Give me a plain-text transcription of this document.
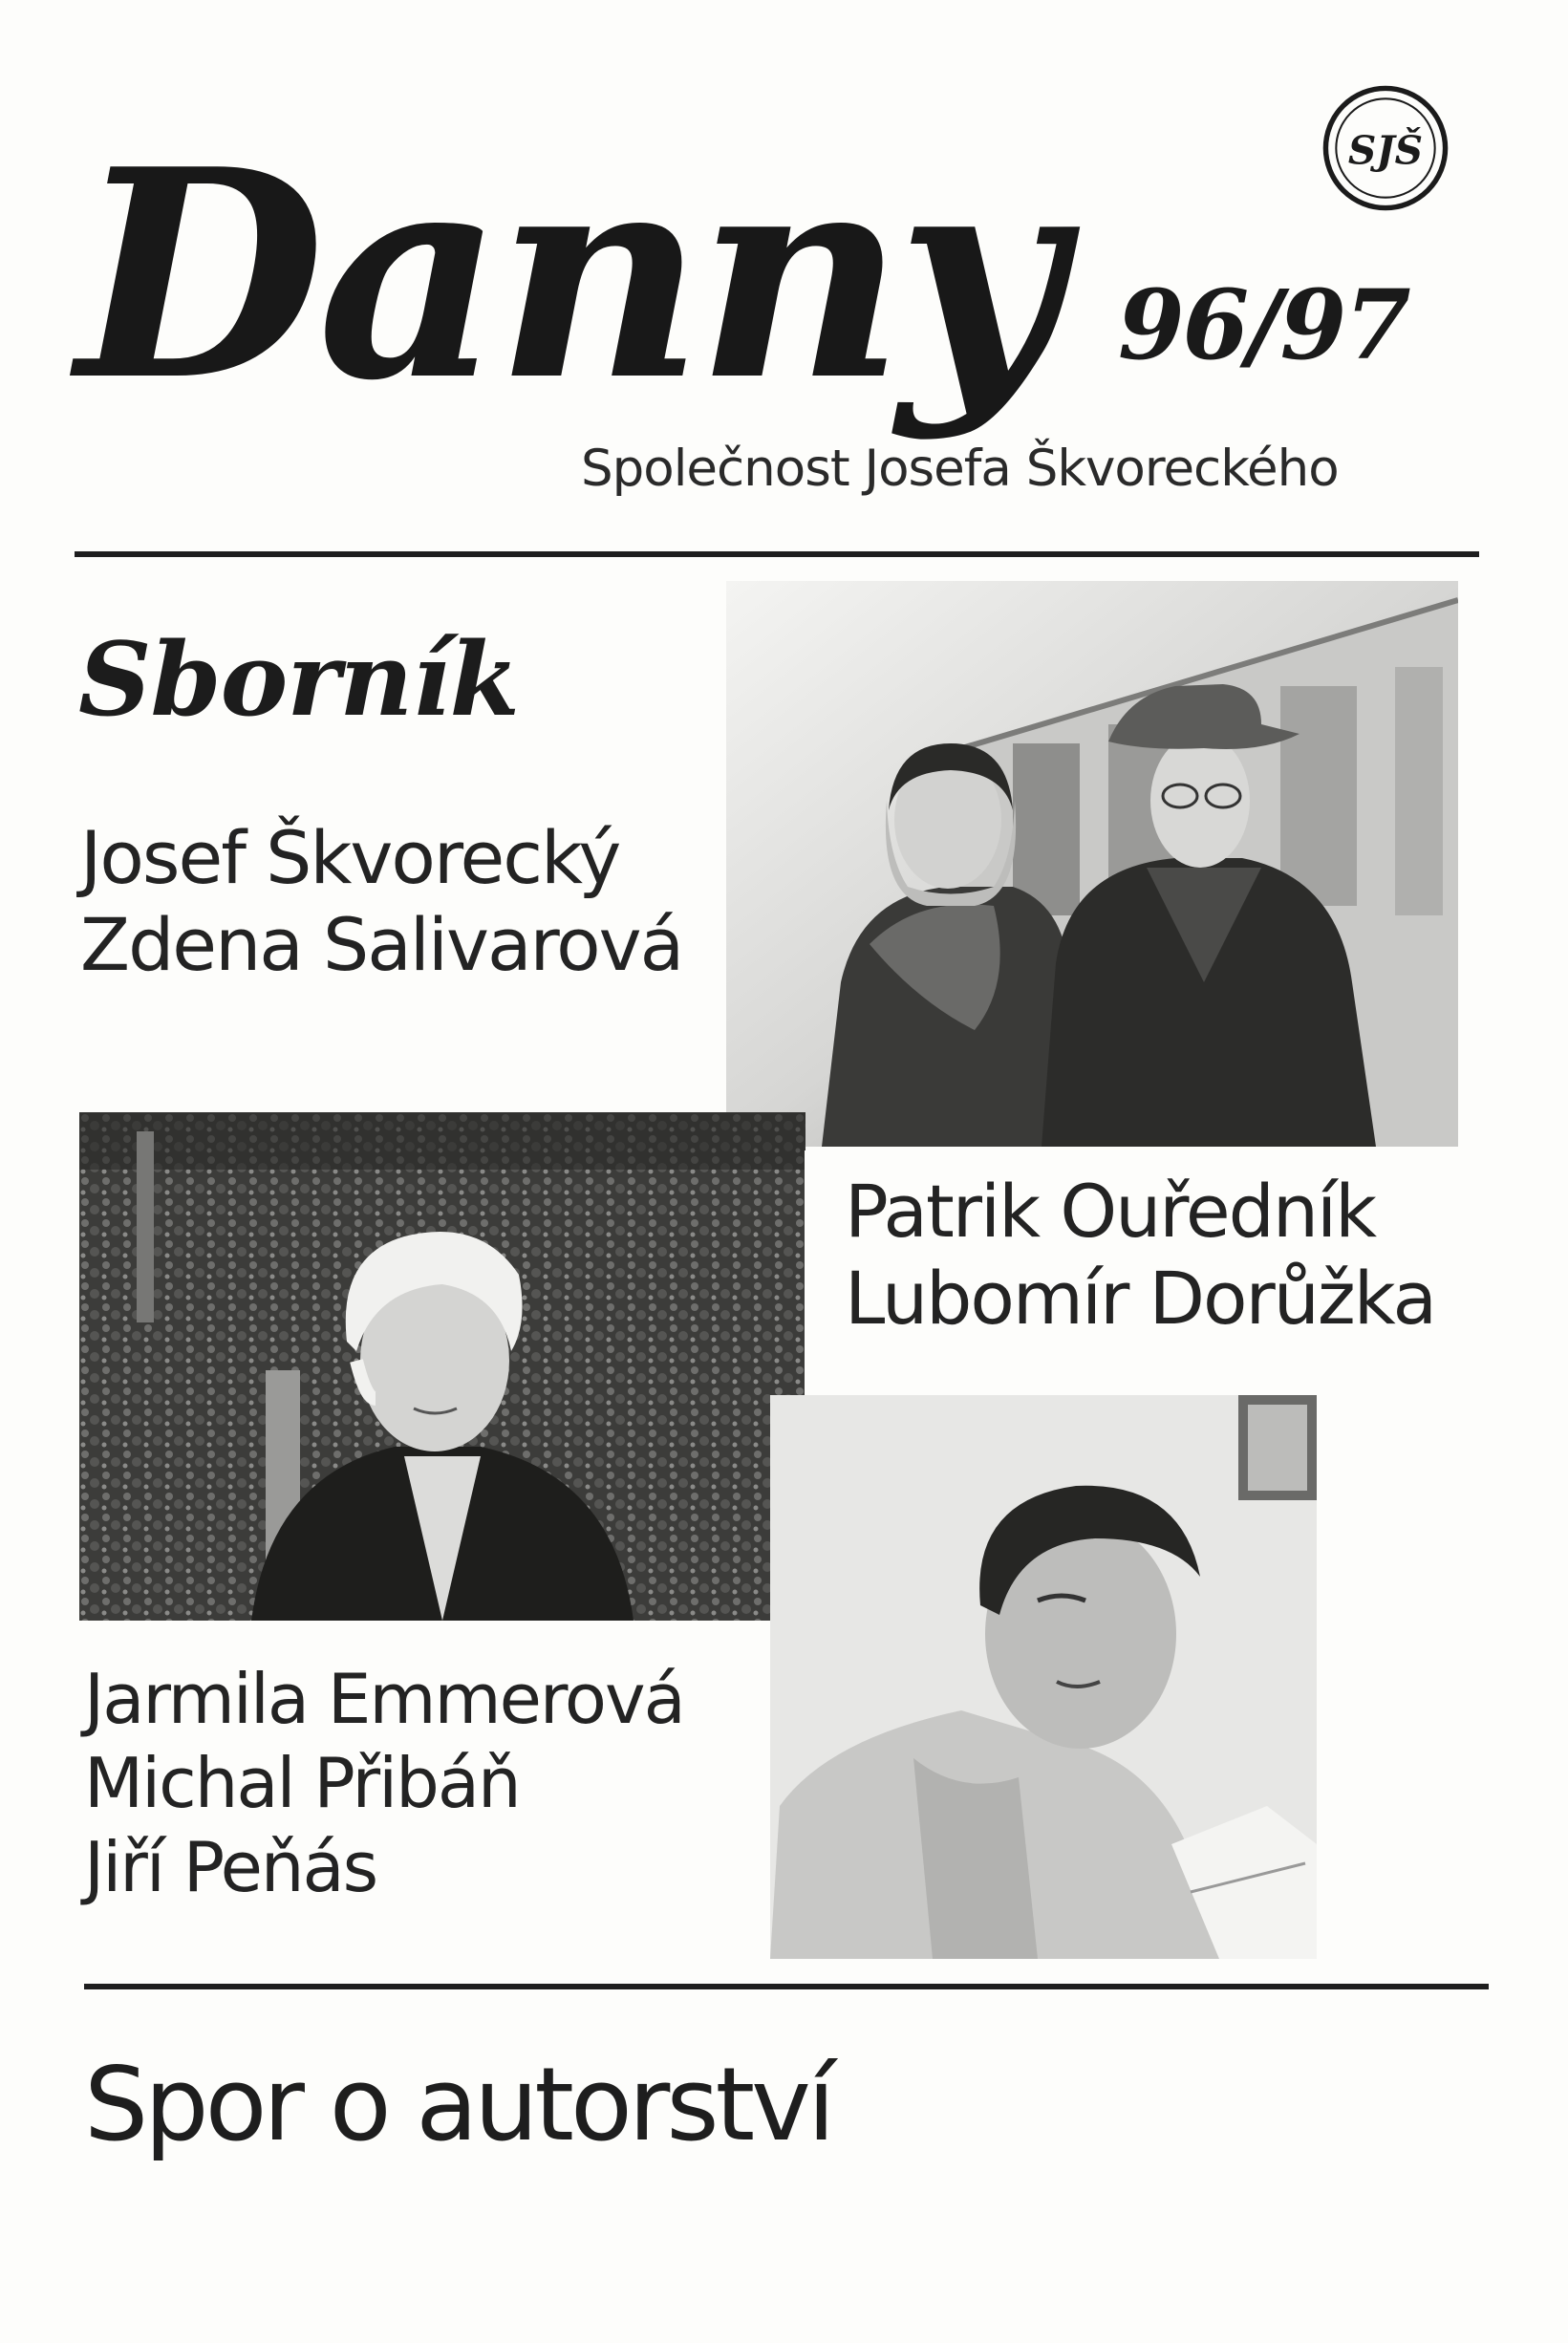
Danny	SJŠ
96/97
Společnost Josefa Škvoreckého
Sborník
Josef Škvorecký
Zdena Salivarová
Patrik Ouředník
Lubomír Dorůžka
Jarmila Emmerová
Michal Přibáň
Jiří Peňás
Spor o autorství
